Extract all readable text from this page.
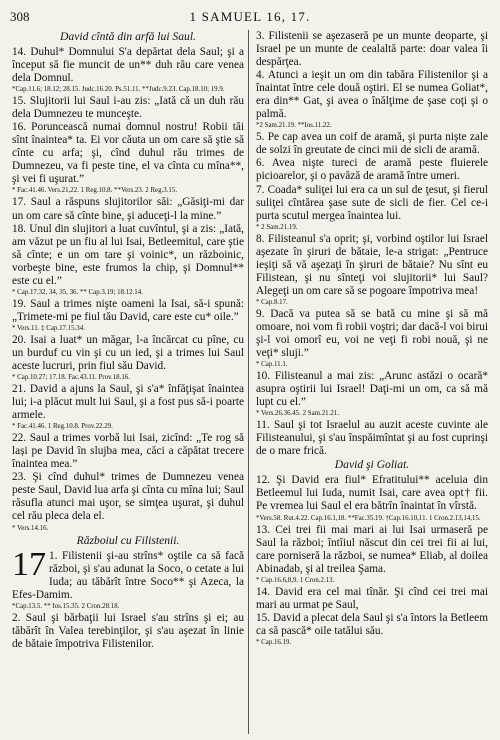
308	1 SAMUEL 16, 17.

David cîntă din arfă lui Saul.

14. Duhul* Domnului S'a depărtat dela Saul; şi a început să fie muncit de un** duh rău care venea dela Domnul.

*Cap.11.6; 18.12; 28.15. Judc.16.20. Ps.51.11. **Judc.9.23. Cap.18.10; 19.9.

15. Slujitorii lui Saul i-au zis: „Iată că un duh rău dela Dumnezeu te munceşte.

16. Poruncească numai domnul nostru! Robii tăi sînt înaintea* ta. Ei vor căuta un om care să ştie să cînte cu arfa; şi, cînd duhul rău trimes de Dumnezeu, va fi peste tine, el va cînta cu mîna**, şi vei fi uşurat.”

* Fac.41.46. Vers.21,22. 1 Reg.10.8. **Vers.23. 2 Reg.3.15.

17. Saul a răspuns slujitorilor săi: „Găsiţi-mi dar un om care să cînte bine, şi aduceţi-l la mine.”

18. Unul din slujitori a luat cuvîntul, şi a zis: „Iată, am văzut pe un fiu al lui Isai, Betleemitul, care ştie să cînte; e un om tare şi voinic*, un războinic, vorbeşte bine, este frumos la chip, şi Domnul** este cu el.”

* Cap.17.32, 34, 35, 36. ** Cap.3.19; 18.12.14.

19. Saul a trimes nişte oameni la Isai, să-i spună: „Trimete-mi pe fiul tău David, care este cu* oile.”

* Vers.11. ‡ Cap.17.15.34.

20. Isai a luat* un măgar, l-a încărcat cu pîne, cu un burduf cu vin şi cu un ied, şi a trimes lui Saul aceste lucruri, prin fiul său David.

* Cap.10.27; 17.18. Fac.43.11. Prov.18.16.

21. David a ajuns la Saul, şi s'a* înfăţişat înaintea lui; i-a plăcut mult lui Saul, şi a fost pus să-i poarte armele.

* Fac.41.46. 1 Reg.10.8. Prov.22.29.

22. Saul a trimes vorbă lui Isai, zicînd: „Te rog să lași pe David în slujba mea, căci a căpătat trecere înaintea mea.”

23. Şi cînd duhul* trimes de Dumnezeu venea peste Saul, David lua arfa şi cînta cu mîna lui; Saul răsufla atunci mai uşor, se simţea uşurat, şi duhul cel rău pleca dela el.

* Vers.14.16.

Războiul cu Filistenii.

17 1. Filistenii şi-au strîns* oştile ca să facă război, şi s'au adunat la Soco, o cetate a lui Iuda; au tăbărît între Soco** şi Azeca, la Efes-Damim.

*Cap.13.5. ** Ios.15.35. 2 Cron.28.18.

2. Saul şi bărbaţii lui Israel s'au strîns şi ei; au tăbărît în Valea terebinţilor, şi s'au aşezat în linie de bătaie împotriva Filistenilor.

3. Filistenii se aşezaseră pe un munte deoparte, şi Israel pe un munte de cealaltă parte: doar valea îi despărţea.

4. Atunci a ieşit un om din tabăra Filistenilor şi a înaintat între cele două oştiri. El se numea Goliat*, era din** Gat, şi avea o înălţime de şase coţi şi o palmă.

*2 Sam.21.19. **Ios.11.22.

5. Pe cap avea un coif de aramă, şi purta nişte zale de solzi în greutate de cinci mii de sicli de aramă.

6. Avea nişte tureci de aramă peste fluierele picioarelor, şi o pavăză de aramă între umeri.

7. Coada* suliţei lui era ca un sul de ţesut, şi fierul suliţei cîntărea şase sute de sicli de fier. Cel ce-i purta scutul mergea înaintea lui.

* 2 Sam.21.19.

8. Filisteanul s'a oprit; şi, vorbind oştilor lui Israel aşezate în şiruri de bătaie, le-a strigat: „Pentruce ieşiţi să vă aşezaţi în şiruri de bătaie? Nu sînt eu Filistean, şi nu sînteţi voi slujitorii* lui Saul? Alegeţi un om care să se pogoare împotriva mea!

* Cap.8.17.

9. Dacă va putea să se bată cu mine şi să mă omoare, noi vom fi robii voştri; dar dacă-l voi birui şi-l voi omorî eu, voi ne veţi fi robi nouă, şi ne veţi* sluji.”

* Cap.11.1.

10. Filisteanul a mai zis: „Arunc astăzi o ocară* asupra oştirii lui Israel! Daţi-mi un om, ca să mă lupt cu el.”

* Vers.26.36.45. 2 Sam.21.21.

11. Saul şi tot Israelul au auzit aceste cuvinte ale Filisteanului, şi s'au înspăimîntat şi au fost cuprinşi de o mare frică.

David şi Goliat.

12. Şi David era fiul* Efratitului** aceluia din Betleemul lui Iuda, numit Isai, care avea opt† fii. Pe vremea lui Saul el era bătrîn înaintat în vîrstă.

*Vers.58. Rut.4.22. Cap.16.1,18. **Fac.35.19. †Cap.16.10,11. 1 Cron.2.13,14,15.

13. Cei trei fii mai mari ai lui Isai urmaseră pe Saul la război; întîiul născut din cei trei fii ai lui, care porniseră la război, se numea* Eliab, al doilea Abinadab, şi al treilea Şama.

* Cap.16.6,8,9. 1 Cron.2.13.

14. David era cel mai tînăr. Şi cînd cei trei mai mari au urmat pe Saul,

15. David a plecat dela Saul şi s'a întors la Betleem ca să pască* oile tatălui său.

* Cap.16.19.
